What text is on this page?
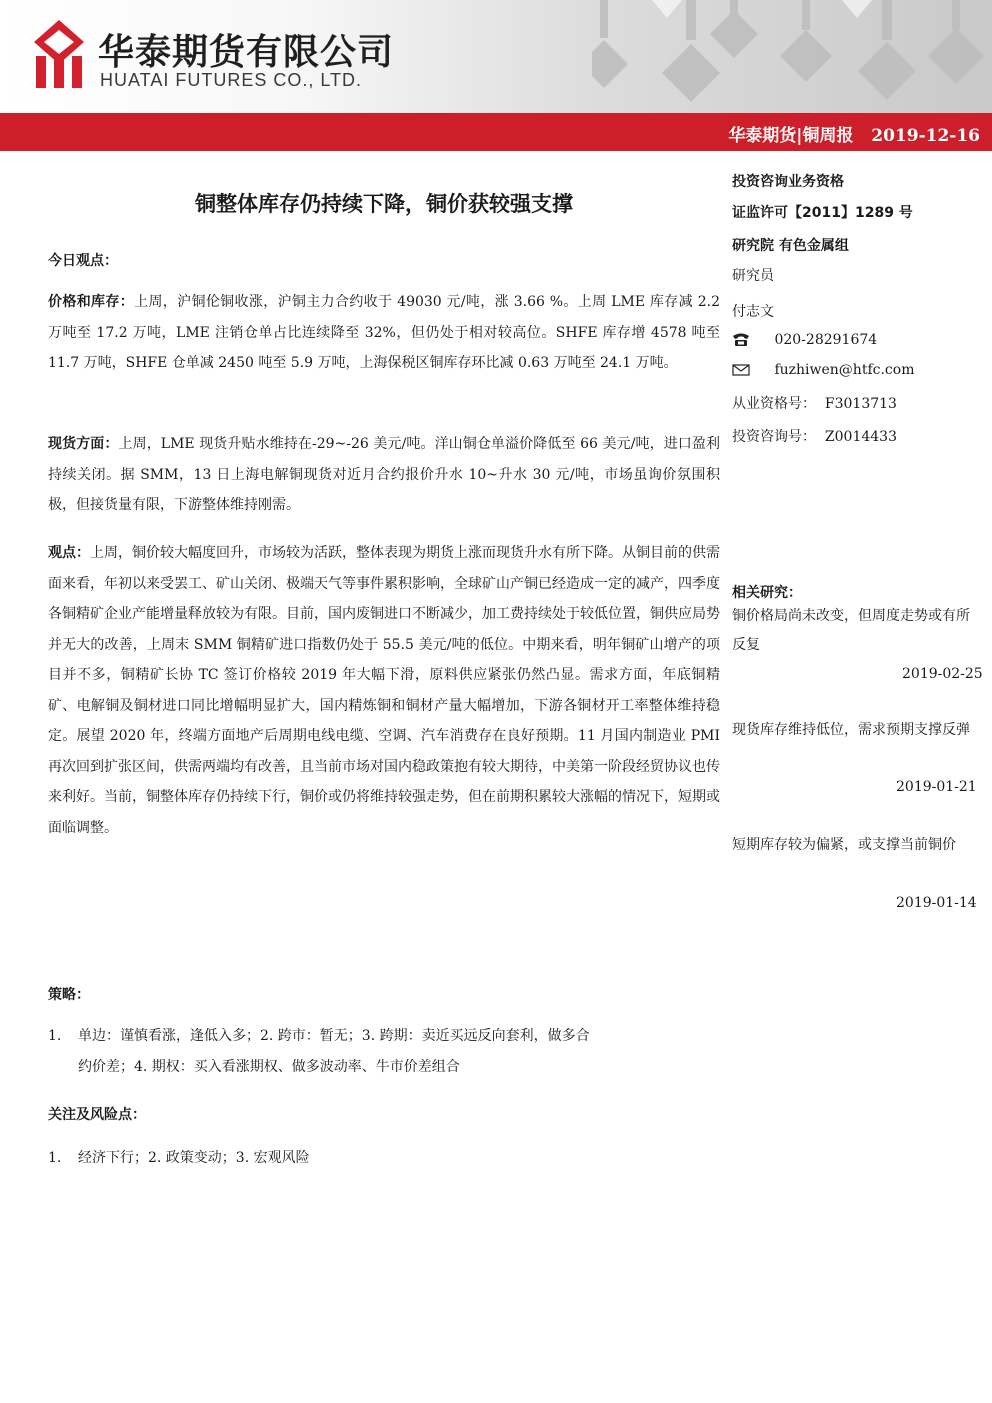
华泰期货有限公司
HUATAI FUTURES CO., LTD.
华泰期货|铜周报   2019-12-16
铜整体库存仍持续下降，铜价获较强支撑
今日观点：
价格和库存：上周，沪铜伦铜收涨，沪铜主力合约收于 49030 元/吨，涨 3.66 %。上周 LME 库存减 2.2 万吨至 17.2 万吨，LME 注销仓单占比连续降至 32%，但仍处于相对较高位。SHFE 库存增 4578 吨至 11.7 万吨，SHFE 仓单减 2450 吨至 5.9 万吨，上海保税区铜库存环比减 0.63 万吨至 24.1 万吨。
现货方面：上周，LME 现货升贴水维持在-29~-26 美元/吨。洋山铜仓单溢价降低至 66 美元/吨，进口盈利持续关闭。据 SMM，13 日上海电解铜现货对近月合约报价升水 10~升水 30 元/吨，市场虽询价氛围积极，但接货量有限，下游整体维持刚需。
观点：上周，铜价较大幅度回升，市场较为活跃，整体表现为期货上涨而现货升水有所下降。从铜目前的供需面来看，年初以来受罢工、矿山关闭、极端天气等事件累积影响，全球矿山产铜已经造成一定的减产，四季度各铜精矿企业产能增量释放较为有限。目前，国内废铜进口不断减少，加工费持续处于较低位置，铜供应局势并无大的改善，上周末 SMM 铜精矿进口指数仍处于 55.5 美元/吨的低位。中期来看，明年铜矿山增产的项目并不多，铜精矿长协 TC 签订价格较 2019 年大幅下滑，原料供应紧张仍然凸显。需求方面，年底铜精矿、电解铜及铜材进口同比增幅明显扩大，国内精炼铜和铜材产量大幅增加，下游各铜材开工率整体维持稳定。展望 2020 年，终端方面地产后周期电线电缆、空调、汽车消费存在良好预期。11 月国内制造业 PMI 再次回到扩张区间，供需两端均有改善，且当前市场对国内稳政策抱有较大期待，中美第一阶段经贸协议也传来利好。当前，铜整体库存仍持续下行，铜价或仍将维持较强走势，但在前期积累较大涨幅的情况下，短期或面临调整。
策略：
1. 单边：谨慎看涨，逢低入多；2. 跨市：暂无；3. 跨期：卖近买远反向套利，做多合
约价差；4. 期权：买入看涨期权、做多波动率、牛市价差组合
关注及风险点：
1. 经济下行；2. 政策变动；3. 宏观风险
投资咨询业务资格
证监许可【2011】1289 号
研究院 有色金属组
研究员
付志文
020-28291674
fuzhiwen@htfc.com
从业资格号：  F3013713
投资咨询号：  Z0014433
相关研究：
铜价格局尚未改变，但周度走势或有所反复
2019-02-25
现货库存维持低位，需求预期支撑反弹
2019-01-21
短期库存较为偏紧，或支撑当前铜价
2019-01-14
